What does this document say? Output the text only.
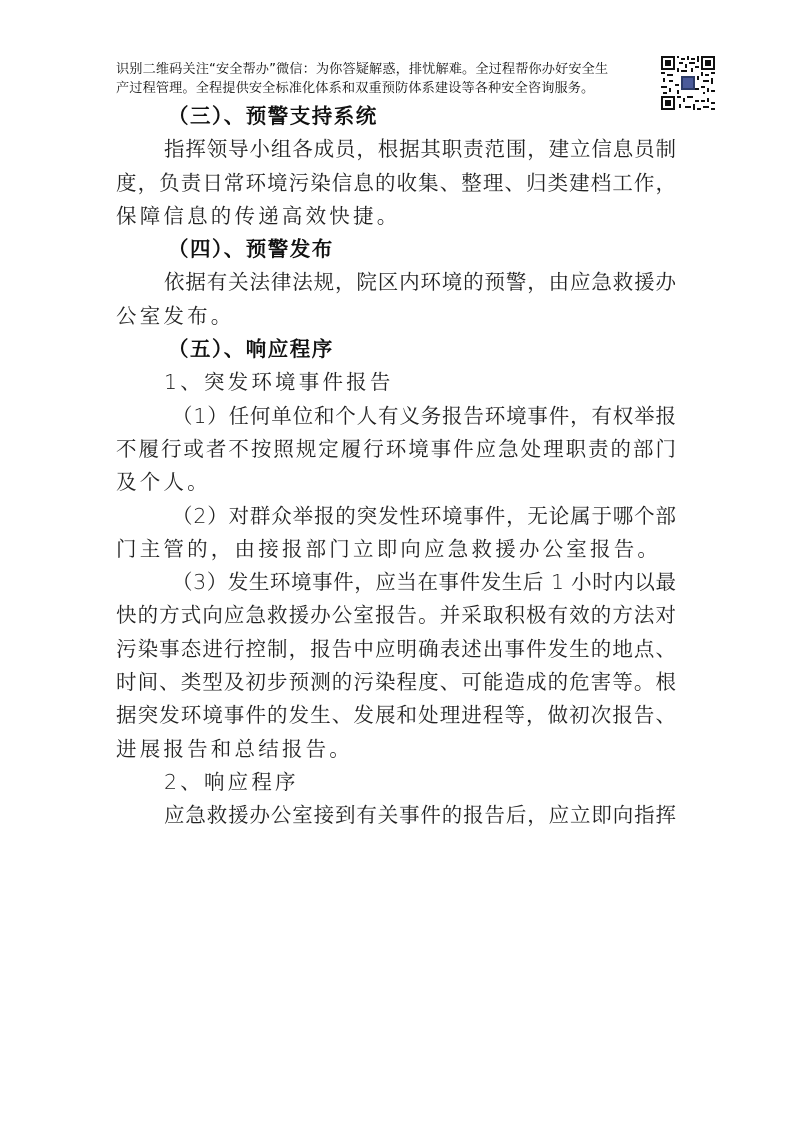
识别二维码关注“安全帮办”微信：为你答疑解惑，排忧解难。全过程帮你办好安全生
产过程管理。全程提供安全标准化体系和双重预防体系建设等各种安全咨询服务。
（三）、预警支持系统
指挥领导小组各成员，根据其职责范围，建立信息员制
度，负责日常环境污染信息的收集、整理、归类建档工作，
保障信息的传递高效快捷。
（四）、预警发布
依据有关法律法规，院区内环境的预警，由应急救援办
公室发布。
（五）、响应程序
1、突发环境事件报告
（1）任何单位和个人有义务报告环境事件，有权举报
不履行或者不按照规定履行环境事件应急处理职责的部门
及个人。
（2）对群众举报的突发性环境事件，无论属于哪个部
门主管的，由接报部门立即向应急救援办公室报告。
（3）发生环境事件，应当在事件发生后 1 小时内以最
快的方式向应急救援办公室报告。并采取积极有效的方法对
污染事态进行控制，报告中应明确表述出事件发生的地点、
时间、类型及初步预测的污染程度、可能造成的危害等。根
据突发环境事件的发生、发展和处理进程等，做初次报告、
进展报告和总结报告。
2、响应程序
应急救援办公室接到有关事件的报告后，应立即向指挥
